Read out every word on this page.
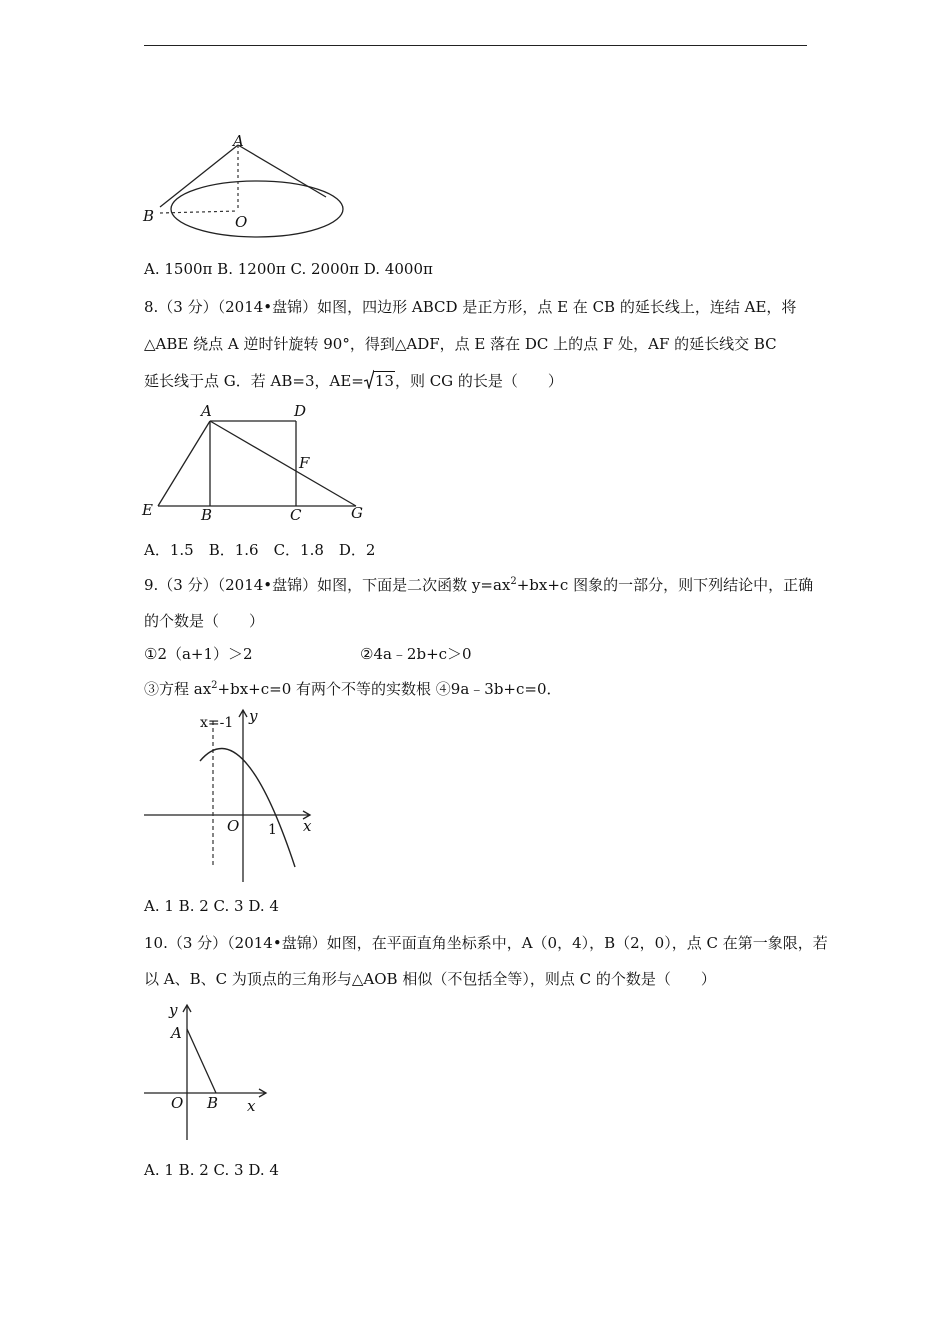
A
B	O
A. 1500π B. 1200π C. 2000π D. 4000π
8.（3 分）（2014•盘锦）如图，四边形 ABCD 是正方形，点 E 在 CB 的延长线上，连结 AE，将
△ABE 绕点 A 逆时针旋转 90°，得到△ADF，点 E 落在 DC 上的点 F 处，AF 的延长线交 BC
延长线于点 G．若 AB=3，AE= 13，则 CG 的长是（　　）
A	D
F
E	B	C	G
A．1.5　B．1.6　C．1.8　D．2
9.（3 分）（2014•盘锦）如图，下面是二次函数 $y=ax^2+bx+c$ 图象的一部分，则下列结论中，正确
的个数是（　　）
①2（a+1）＞2	②4a﹣2b+c＞0
③方程 $ax^2+bx+c=0$ 有两个不等的实数根 ④9a﹣3b+c=0．
x=-1 y
O 1 x
A. 1 B. 2 C. 3 D. 4
10.（3 分）（2014•盘锦）如图，在平面直角坐标系中，A（0，4），B（2，0），点 C 在第一象限，若
以 A、B、C 为顶点的三角形与△AOB 相似（不包括全等），则点 C 的个数是（　　）
y
A
O B x
A. 1 B. 2 C. 3 D. 4
